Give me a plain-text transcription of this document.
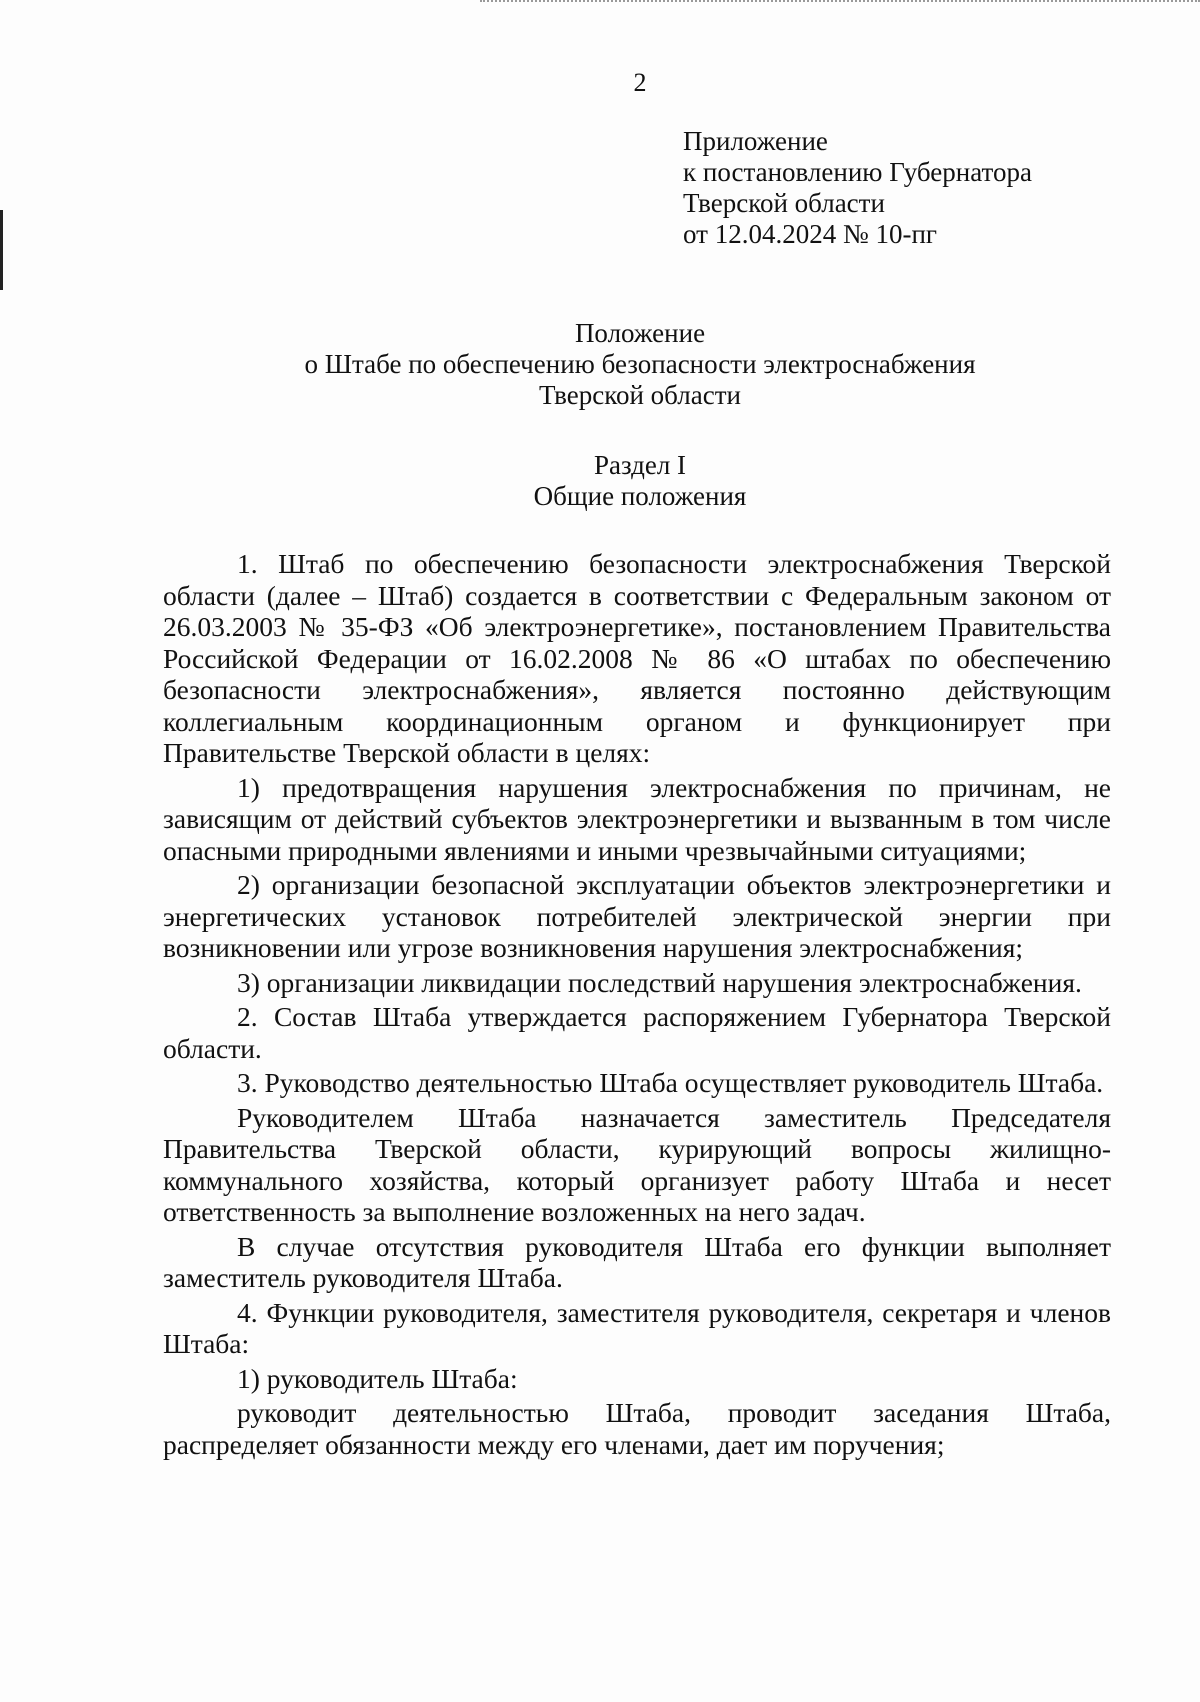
2
Приложение
к постановлению Губернатора
Тверской области
от 12.04.2024 № 10-пг
Положение
о Штабе по обеспечению безопасности электроснабжения
Тверской области
Раздел I
Общие положения

1. Штаб по обеспечению безопасности электроснабжения Тверской области (далее – Штаб) создается в соответствии с Федеральным законом от 26.03.2003 № 35-ФЗ «Об электроэнергетике», постановлением Правительства Российской Федерации от 16.02.2008 № 86 «О штабах по обеспечению безопасности электроснабжения», является постоянно действующим коллегиальным координационным органом и функционирует при Правительстве Тверской области в целях:

1) предотвращения нарушения электроснабжения по причинам, не зависящим от действий субъектов электроэнергетики и вызванным в том числе опасными природными явлениями и иными чрезвычайными ситуациями;

2) организации безопасной эксплуатации объектов электроэнергетики и энергетических установок потребителей электрической энергии при возникновении или угрозе возникновения нарушения электроснабжения;

3) организации ликвидации последствий нарушения электроснабжения.

2. Состав Штаба утверждается распоряжением Губернатора Тверской области.

3. Руководство деятельностью Штаба осуществляет руководитель Штаба.

Руководителем Штаба назначается заместитель Председателя Правительства Тверской области, курирующий вопросы жилищно-коммунального хозяйства, который организует работу Штаба и несет ответственность за выполнение возложенных на него задач.

В случае отсутствия руководителя Штаба его функции выполняет заместитель руководителя Штаба.

4. Функции руководителя, заместителя руководителя, секретаря и членов Штаба:

1) руководитель Штаба:

руководит деятельностью Штаба, проводит заседания Штаба, распределяет обязанности между его членами, дает им поручения;
